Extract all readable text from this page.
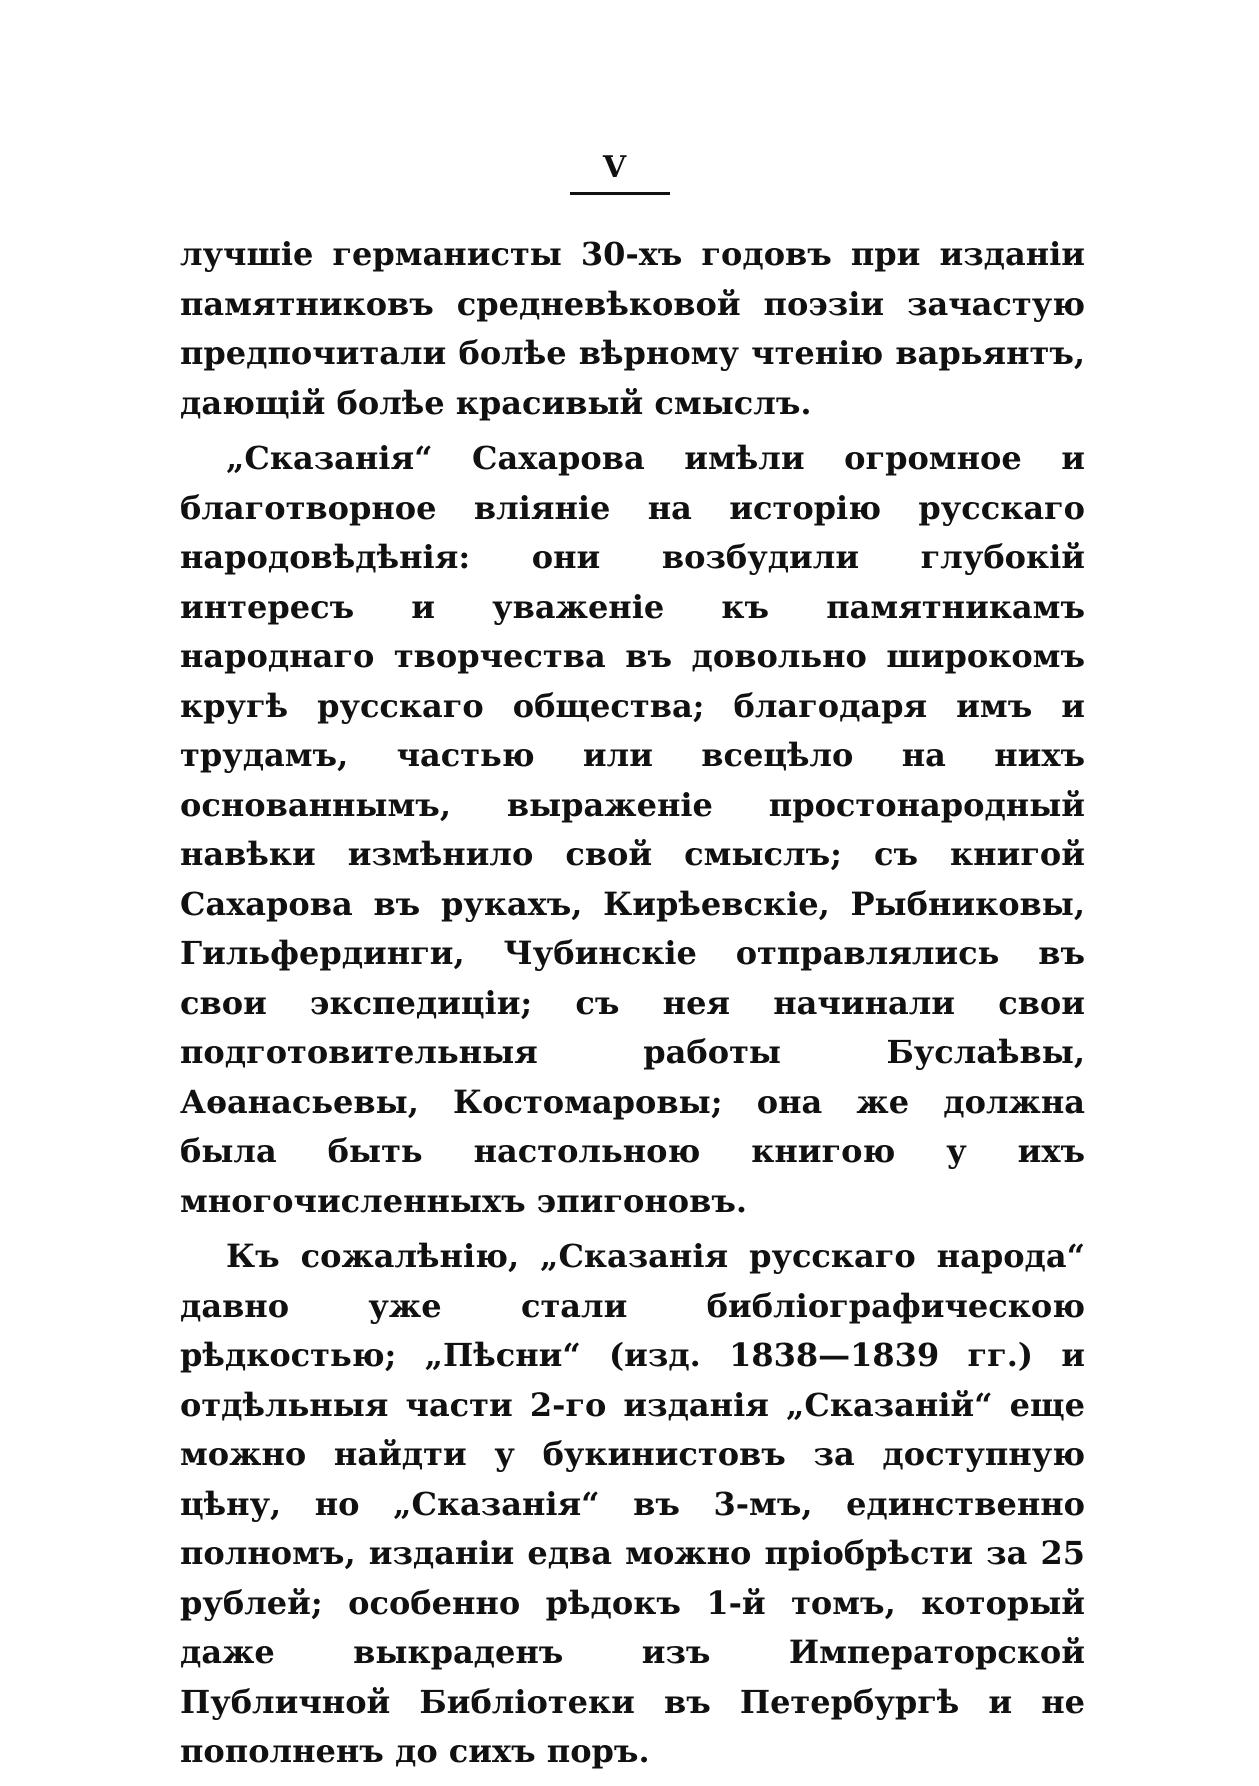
V

лучшіе германисты 30-хъ годовъ при изданіи памятниковъ средневѣковой поэзіи зачастую предпочитали болѣе вѣрному чтенію варьянтъ, дающій болѣе красивый смыслъ.

„Сказанія“ Сахарова имѣли огромное и благотворное вліяніе на исторію русскаго народовѣдѣнія: они возбудили глубокій интересъ и уваженіе къ памятникамъ народнаго творчества въ довольно широкомъ кругѣ русскаго общества; благодаря имъ и трудамъ, частью или всецѣло на нихъ основаннымъ, выраженіе простонародный навѣки измѣнило свой смыслъ; съ книгой Сахарова въ рукахъ, Кирѣевскіе, Рыбниковы, Гильфердинги, Чубинскіе отправлялись въ свои экспедиціи; съ нея начинали свои подготовительныя работы Буслаѣвы, Аѳанасьевы, Костомаровы; она же должна была быть настольною книгою у ихъ многочисленныхъ эпигоновъ.

Къ сожалѣнію, „Сказанія русскаго народа“ давно уже стали библіографическою рѣдкостью; „Пѣсни“ (изд. 1838—1839 гг.) и отдѣльныя части 2-го изданія „Сказаній“ еще можно найдти у букинистовъ за доступную цѣну, но „Сказанія“ въ 3-мъ, единственно полномъ, изданіи едва можно пріобрѣсти за 25 рублей; особенно рѣдокъ 1-й томъ, который даже выкраденъ изъ Императорской Публичной Библіотеки въ Петербургѣ и не пополненъ до сихъ поръ.
